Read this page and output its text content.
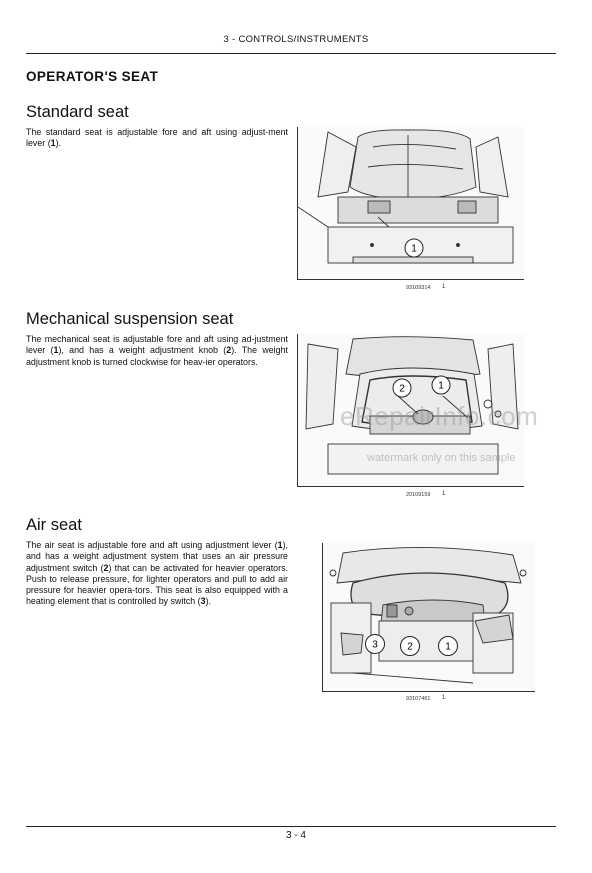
3 - CONTROLS/INSTRUMENTS
OPERATOR'S SEAT
Standard seat

The standard seat is adjustable fore and aft using adjust-ment lever (1).

1
93109314 1
Mechanical suspension seat

The mechanical seat is adjustable fore and aft using ad-justment lever (1), and has a weight adjustment knob (2). The weight adjustment knob is turned clockwise for heav-ier operators.

2	1
20109159 1
Air seat

The air seat is adjustable fore and aft using adjustment lever (1), and has a weight adjustment system that uses an air pressure adjustment switch (2) that can be activated for heavier operators. Push to release pressure, for lighter operators and pull to add air pressure for heavier opera-tors. This seat is also equipped with a heating element that is controlled by switch (3).

3	2	1
93107461 1
eRepairInfo.com
watermark only on this sample
3 - 4
